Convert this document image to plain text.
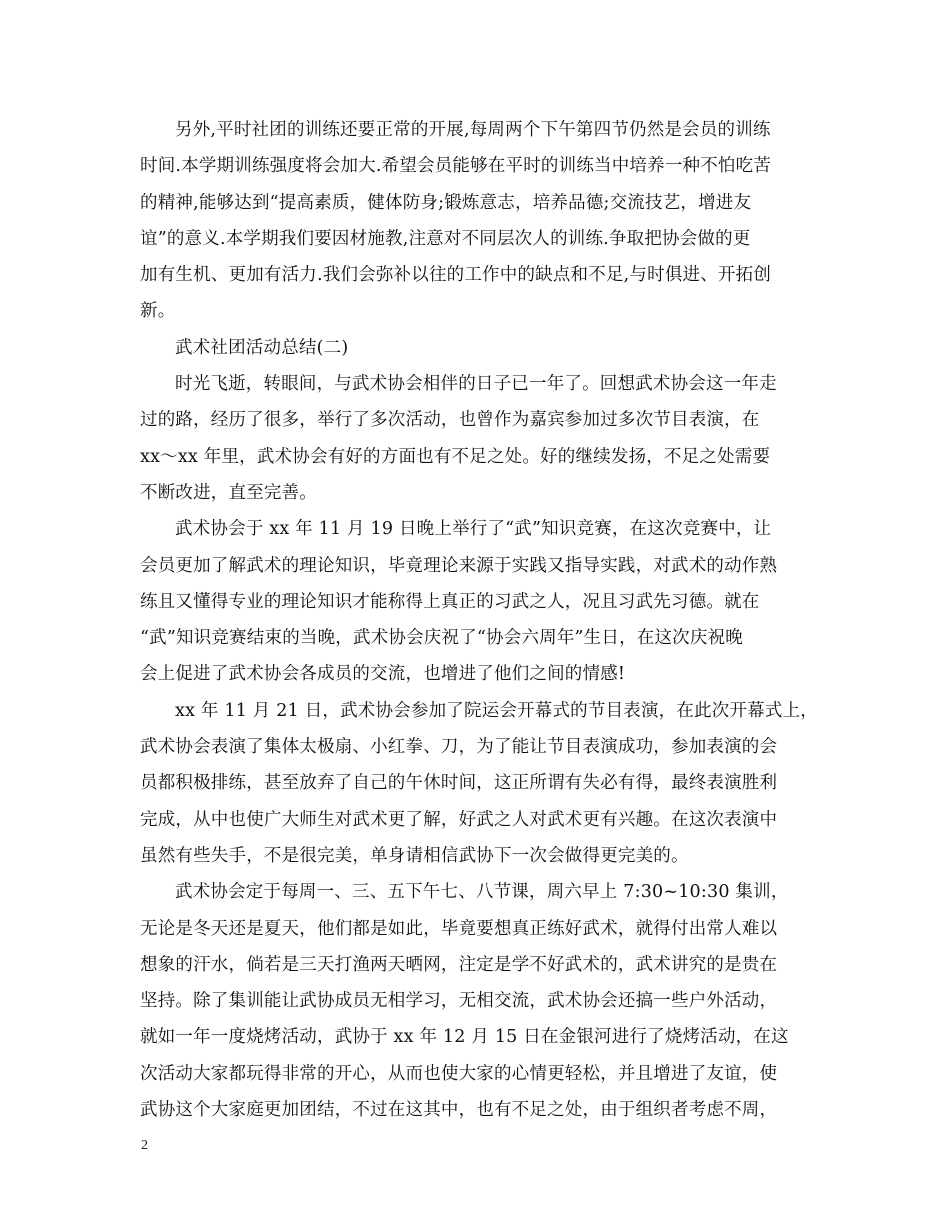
另外,平时社团的训练还要正常的开展,每周两个下午第四节仍然是会员的训练
时间.本学期训练强度将会加大.希望会员能够在平时的训练当中培养一种不怕吃苦
的精神,能够达到“提高素质，健体防身;锻炼意志，培养品德;交流技艺，增进友
谊”的意义.本学期我们要因材施教,注意对不同层次人的训练.争取把协会做的更
加有生机、更加有活力.我们会弥补以往的工作中的缺点和不足,与时俱进、开拓创
新。
武术社团活动总结(二)
时光飞逝，转眼间，与武术协会相伴的日子已一年了。回想武术协会这一年走
过的路，经历了很多，举行了多次活动，也曾作为嘉宾参加过多次节目表演，在
xx～xx 年里，武术协会有好的方面也有不足之处。好的继续发扬，不足之处需要
不断改进，直至完善。
武术协会于 xx 年 11 月 19 日晚上举行了“武”知识竞赛，在这次竞赛中，让
会员更加了解武术的理论知识，毕竟理论来源于实践又指导实践，对武术的动作熟
练且又懂得专业的理论知识才能称得上真正的习武之人，况且习武先习德。就在
“武”知识竞赛结束的当晚，武术协会庆祝了“协会六周年”生日，在这次庆祝晚
会上促进了武术协会各成员的交流，也增进了他们之间的情感!
xx 年 11 月 21 日，武术协会参加了院运会开幕式的节目表演，在此次开幕式上，
武术协会表演了集体太极扇、小红拳、刀，为了能让节目表演成功，参加表演的会
员都积极排练，甚至放弃了自己的午休时间，这正所谓有失必有得，最终表演胜利
完成，从中也使广大师生对武术更了解，好武之人对武术更有兴趣。在这次表演中
虽然有些失手，不是很完美，单身请相信武协下一次会做得更完美的。
武术协会定于每周一、三、五下午七、八节课，周六早上 7:30~10:30 集训，
无论是冬天还是夏天，他们都是如此，毕竟要想真正练好武术，就得付出常人难以
想象的汗水，倘若是三天打渔两天晒网，注定是学不好武术的，武术讲究的是贵在
坚持。除了集训能让武协成员无相学习，无相交流，武术协会还搞一些户外活动，
就如一年一度烧烤活动，武协于 xx 年 12 月 15 日在金银河进行了烧烤活动，在这
次活动大家都玩得非常的开心，从而也使大家的心情更轻松，并且增进了友谊，使
武协这个大家庭更加团结，不过在这其中，也有不足之处，由于组织者考虑不周，
2
